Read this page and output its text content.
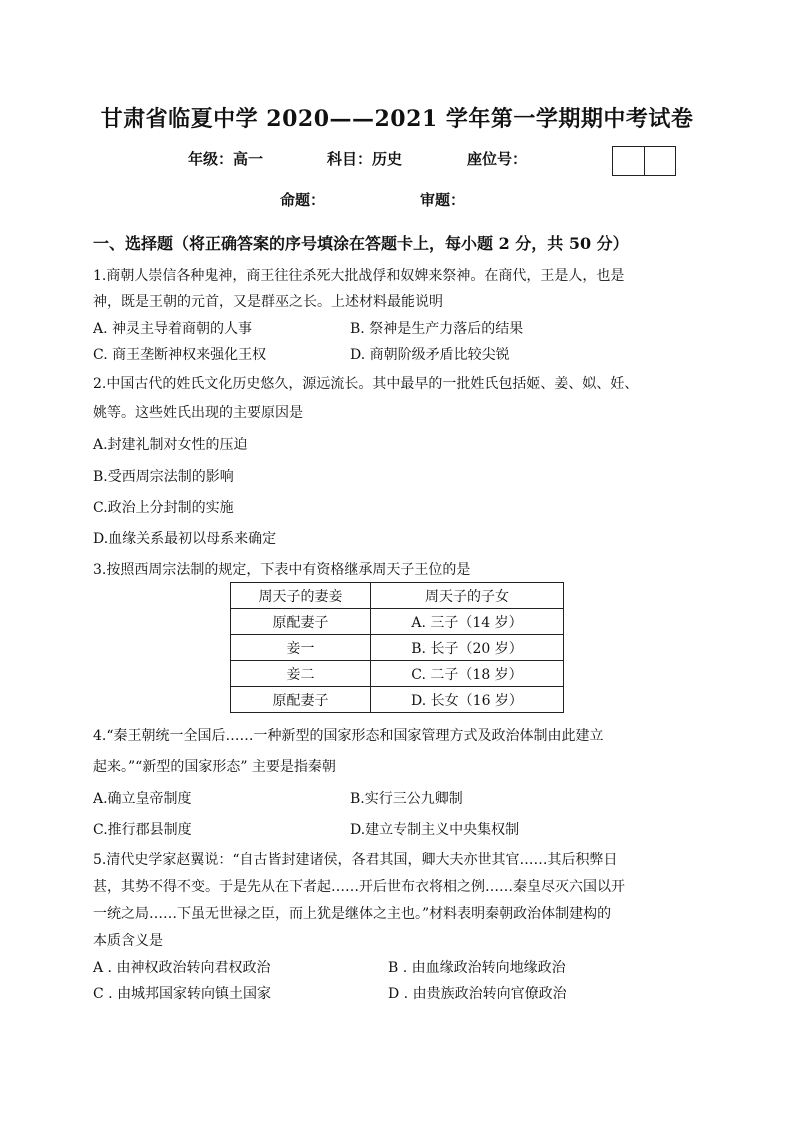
甘肃省临夏中学 2020——2021 学年第一学期期中考试卷
年级：高一	科目：历史	座位号：
命题：	审题：
一、选择题（将正确答案的序号填涂在答题卡上，每小题 2 分，共 50 分）
1.商朝人崇信各种鬼神，商王往往杀死大批战俘和奴婢来祭神。在商代，王是人，也是
神，既是王朝的元首，又是群巫之长。上述材料最能说明
A. 神灵主导着商朝的人事	B. 祭神是生产力落后的结果
C. 商王垄断神权来强化王权	D. 商朝阶级矛盾比较尖锐
2.中国古代的姓氏文化历史悠久，源远流长。其中最早的一批姓氏包括姬、姜、姒、妊、
姚等。这些姓氏出现的主要原因是
A.封建礼制对女性的压迫
B.受西周宗法制的影响
C.政治上分封制的实施
D.血缘关系最初以母系来确定
3.按照西周宗法制的规定，下表中有资格继承周天子王位的是
周天子的妻妾	周天子的子女
原配妻子	A. 三子（14 岁）
妾一	B. 长子（20 岁）
妾二	C. 二子（18 岁）
原配妻子	D. 长女（16 岁）
4.“秦王朝统一全国后……一种新型的国家形态和国家管理方式及政治体制由此建立
起来。”“新型的国家形态” 主要是指秦朝
A.确立皇帝制度	B.实行三公九卿制
C.推行郡县制度	D.建立专制主义中央集权制
5.清代史学家赵翼说：“自古皆封建诸侯，各君其国，卿大夫亦世其官……其后积弊日
甚，其势不得不变。于是先从在下者起……开后世布衣将相之例……秦皇尽灭六国以开
一统之局……下虽无世禄之臣，而上犹是继体之主也。”材料表明秦朝政治体制建构的
本质含义是
A . 由神权政治转向君权政治	B . 由血缘政治转向地缘政治
C . 由城邦国家转向镇土国家	D . 由贵族政治转向官僚政治
